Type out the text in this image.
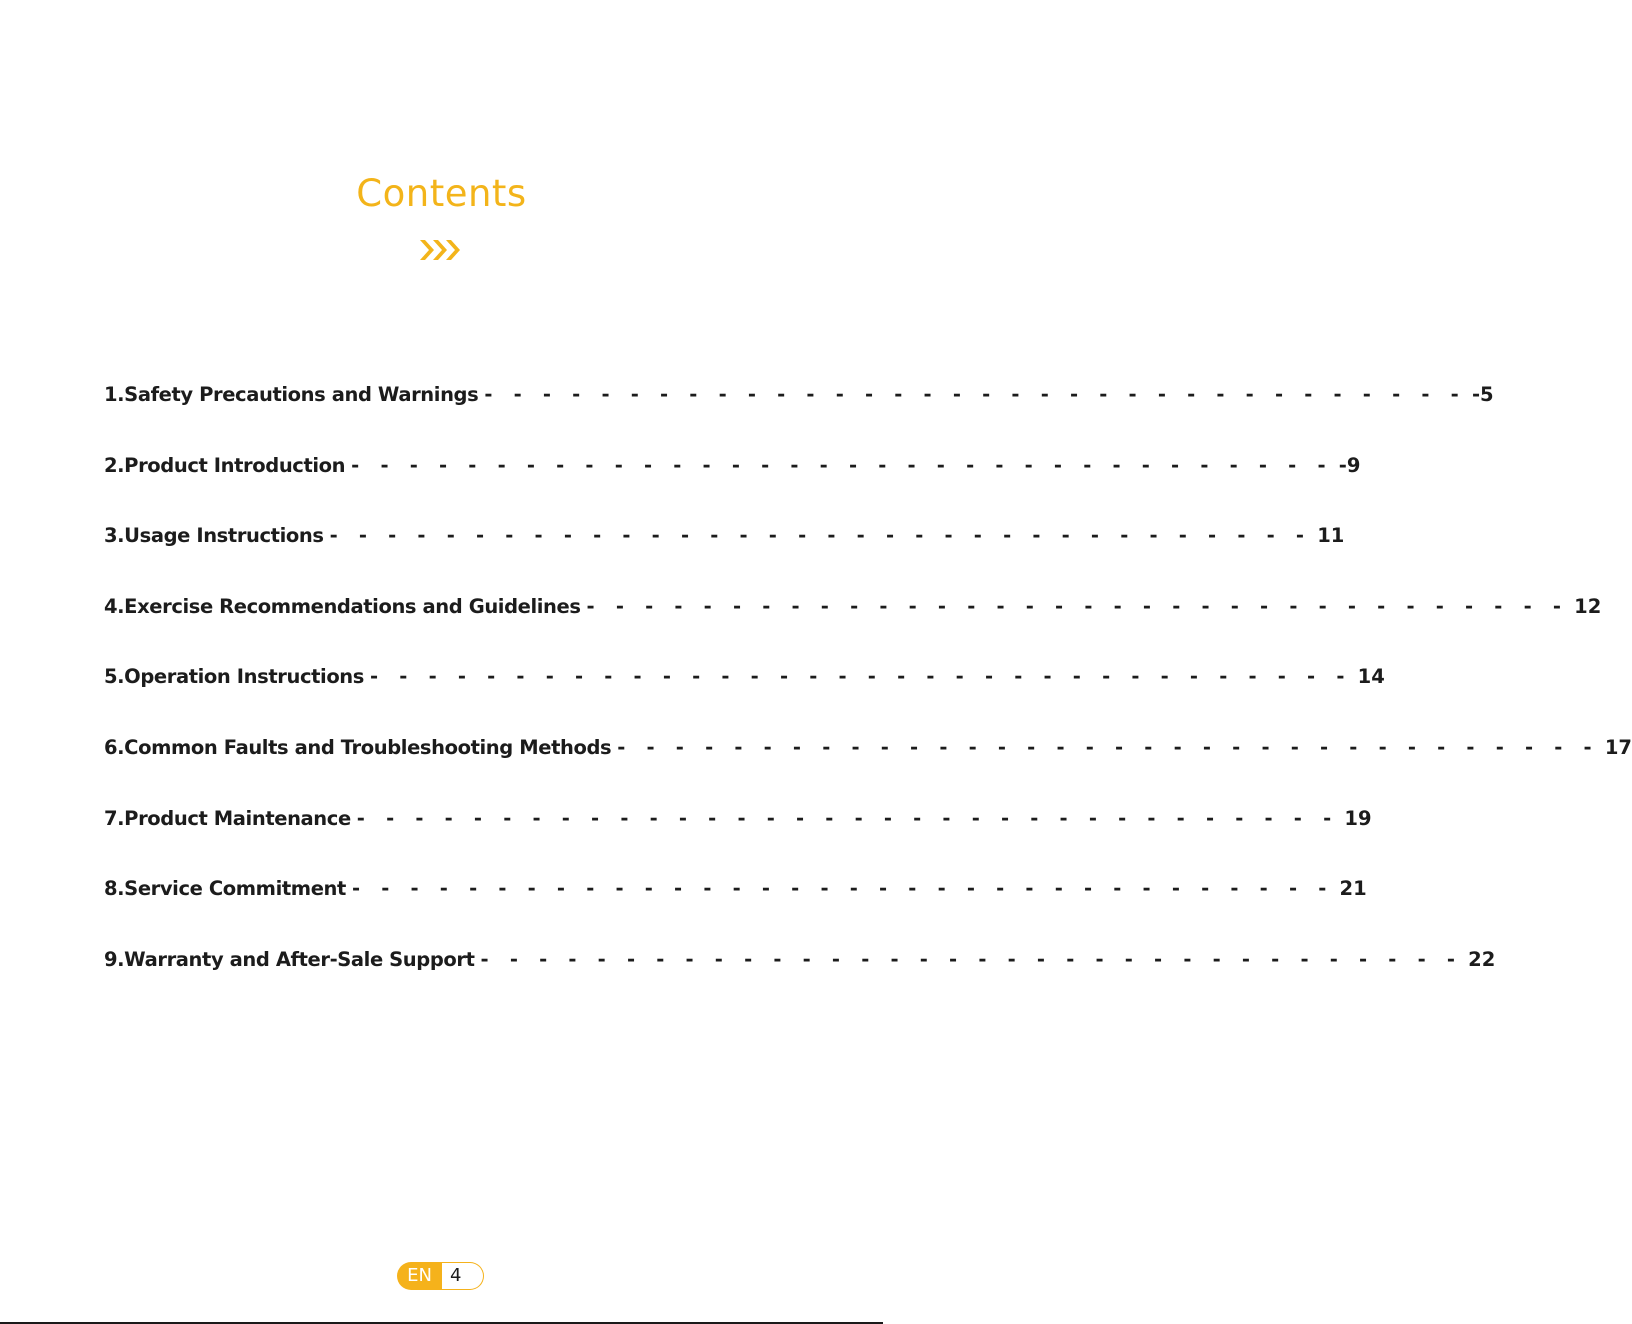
Contents
1.Safety Precautions and Warnings - - - - - - - - - - - - - - - - - - - - - - - - - - - - - - - - - - -5
2.Product Introduction - - - - - - - - - - - - - - - - - - - - - - - - - - - - - - - - - - -9
3.Usage Instructions - - - - - - - - - - - - - - - - - - - - - - - - - - - - - - - - - - 11
4.Exercise Recommendations and Guidelines - - - - - - - - - - - - - - - - - - - - - - - - - - - - - - - - - - 12
5.Operation Instructions - - - - - - - - - - - - - - - - - - - - - - - - - - - - - - - - - - 14
6.Common Faults and Troubleshooting Methods - - - - - - - - - - - - - - - - - - - - - - - - - - - - - - - - - - 17
7.Product Maintenance - - - - - - - - - - - - - - - - - - - - - - - - - - - - - - - - - - 19
8.Service Commitment - - - - - - - - - - - - - - - - - - - - - - - - - - - - - - - - - - 21
9.Warranty and After-Sale Support - - - - - - - - - - - - - - - - - - - - - - - - - - - - - - - - - - 22
EN	4
